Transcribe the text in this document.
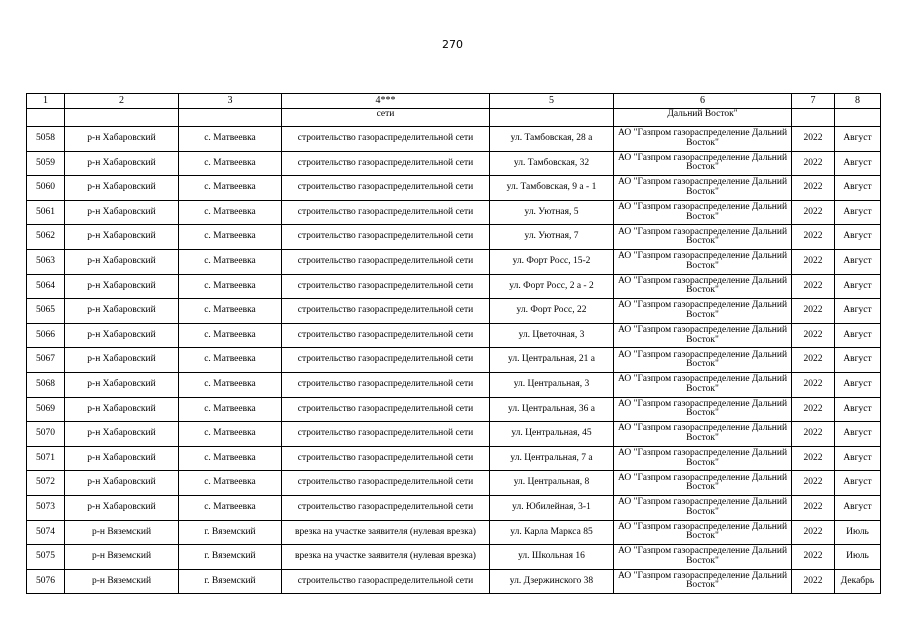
270
1	2	3	4***	5	6	7	8
			сети		Дальний Восток"		
5058	р-н Хабаровский	с. Матвеевка	строительство газораспределительной сети	ул. Тамбовская, 28 а	АО "Газпром газораспределение Дальний Восток"	2022	Август
5059	р-н Хабаровский	с. Матвеевка	строительство газораспределительной сети	ул. Тамбовская, 32	АО "Газпром газораспределение Дальний Восток"	2022	Август
5060	р-н Хабаровский	с. Матвеевка	строительство газораспределительной сети	ул. Тамбовская, 9 а - 1	АО "Газпром газораспределение Дальний Восток"	2022	Август
5061	р-н Хабаровский	с. Матвеевка	строительство газораспределительной сети	ул. Уютная, 5	АО "Газпром газораспределение Дальний Восток"	2022	Август
5062	р-н Хабаровский	с. Матвеевка	строительство газораспределительной сети	ул. Уютная, 7	АО "Газпром газораспределение Дальний Восток"	2022	Август
5063	р-н Хабаровский	с. Матвеевка	строительство газораспределительной сети	ул. Форт Росс, 15-2	АО "Газпром газораспределение Дальний Восток"	2022	Август
5064	р-н Хабаровский	с. Матвеевка	строительство газораспределительной сети	ул. Форт Росс, 2 а - 2	АО "Газпром газораспределение Дальний Восток"	2022	Август
5065	р-н Хабаровский	с. Матвеевка	строительство газораспределительной сети	ул. Форт Росс, 22	АО "Газпром газораспределение Дальний Восток"	2022	Август
5066	р-н Хабаровский	с. Матвеевка	строительство газораспределительной сети	ул. Цветочная, 3	АО "Газпром газораспределение Дальний Восток"	2022	Август
5067	р-н Хабаровский	с. Матвеевка	строительство газораспределительной сети	ул. Центральная, 21 а	АО "Газпром газораспределение Дальний Восток"	2022	Август
5068	р-н Хабаровский	с. Матвеевка	строительство газораспределительной сети	ул. Центральная, 3	АО "Газпром газораспределение Дальний Восток"	2022	Август
5069	р-н Хабаровский	с. Матвеевка	строительство газораспределительной сети	ул. Центральная, 36 а	АО "Газпром газораспределение Дальний Восток"	2022	Август
5070	р-н Хабаровский	с. Матвеевка	строительство газораспределительной сети	ул. Центральная, 45	АО "Газпром газораспределение Дальний Восток"	2022	Август
5071	р-н Хабаровский	с. Матвеевка	строительство газораспределительной сети	ул. Центральная, 7 а	АО "Газпром газораспределение Дальний Восток"	2022	Август
5072	р-н Хабаровский	с. Матвеевка	строительство газораспределительной сети	ул. Центральная, 8	АО "Газпром газораспределение Дальний Восток"	2022	Август
5073	р-н Хабаровский	с. Матвеевка	строительство газораспределительной сети	ул. Юбилейная, 3-1	АО "Газпром газораспределение Дальний Восток"	2022	Август
5074	р-н Вяземский	г. Вяземский	врезка на участке заявителя (нулевая врезка)	ул. Карла Маркса 85	АО "Газпром газораспределение Дальний Восток"	2022	Июль
5075	р-н Вяземский	г. Вяземский	врезка на участке заявителя (нулевая врезка)	ул. Школьная 16	АО "Газпром газораспределение Дальний Восток"	2022	Июль
5076	р-н Вяземский	г. Вяземский	строительство газораспределительной сети	ул. Дзержинского 38	АО "Газпром газораспределение Дальний Восток"	2022	Декабрь
